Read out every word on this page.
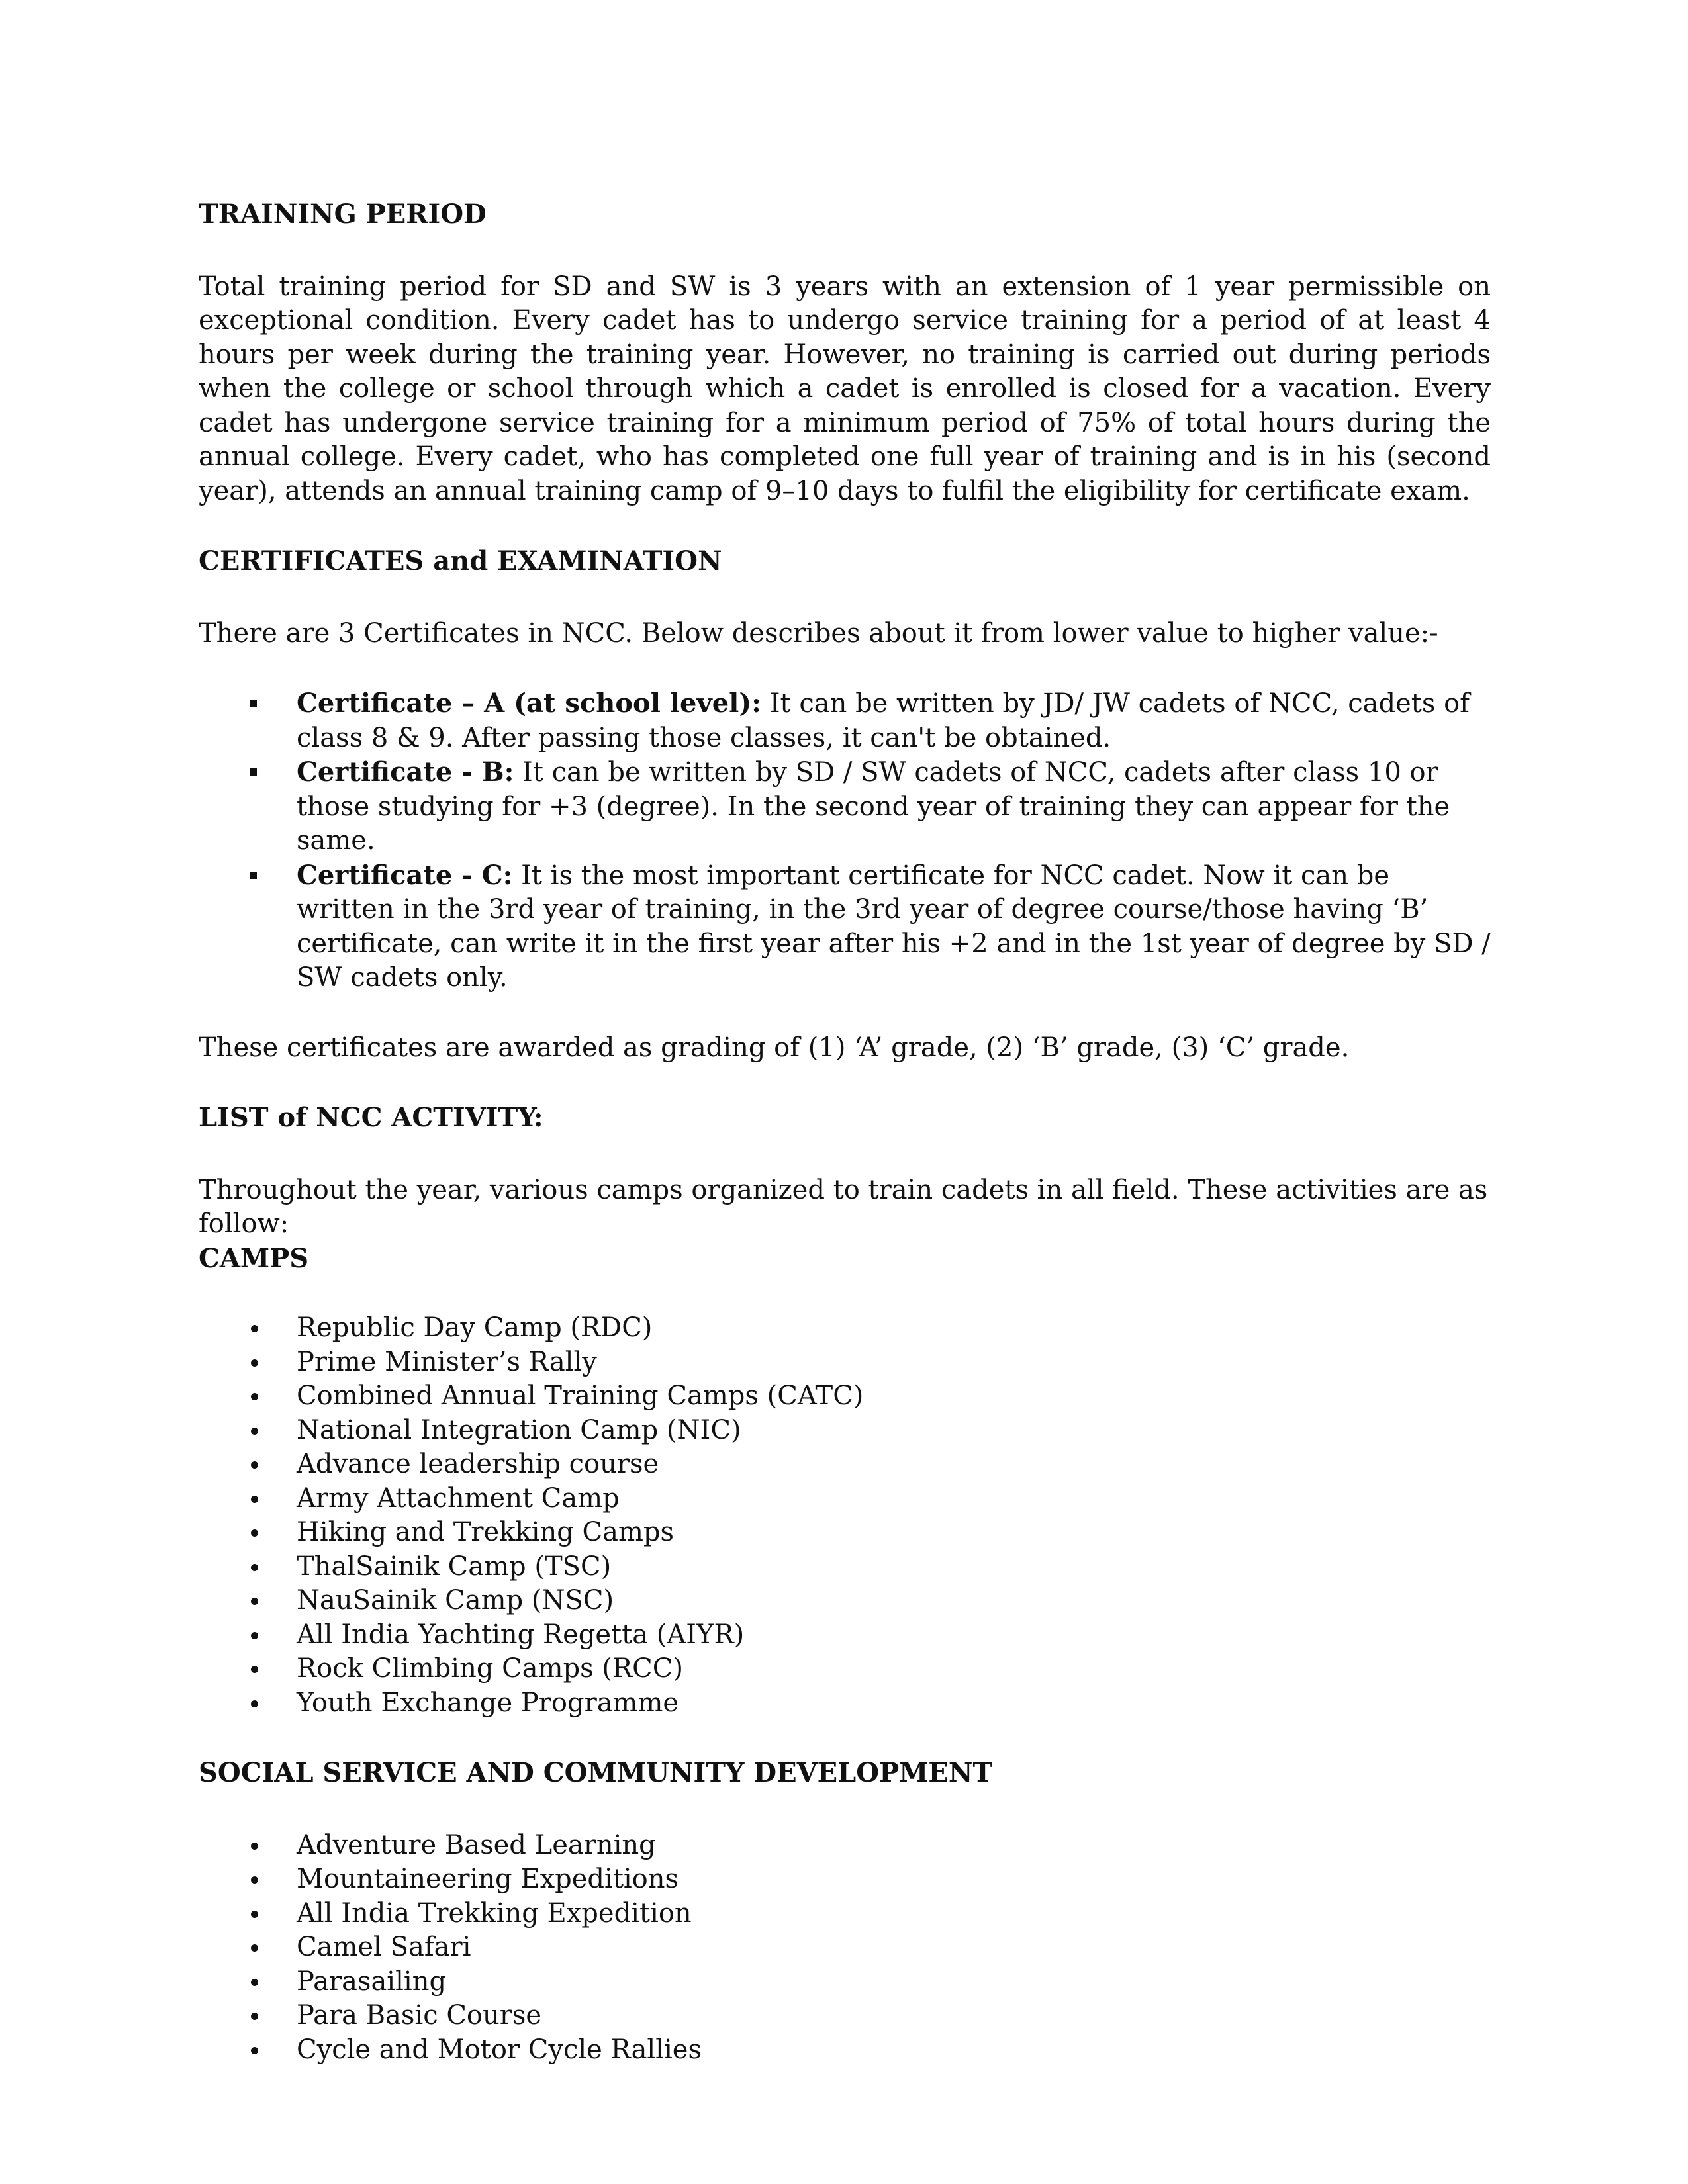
TRAINING PERIOD

Total training period for SD and SW is 3 years with an extension of 1 year permissible on exceptional condition. Every cadet has to undergo service training for a period of at least 4 hours per week during the training year. However, no training is carried out during periods when the college or school through which a cadet is enrolled is closed for a vacation. Every cadet has undergone service training for a minimum period of 75% of total hours during the annual college. Every cadet, who has completed one full year of training and is in his (second year), attends an annual training camp of 9–10 days to fulfil the eligibility for certificate exam.

CERTIFICATES and EXAMINATION

There are 3 Certificates in NCC. Below describes about it from lower value to higher value:-

Certificate – A (at school level): It can be written by JD/ JW cadets of NCC, cadets of class 8 & 9. After passing those classes, it can't be obtained.
Certificate - B: It can be written by SD / SW cadets of NCC, cadets after class 10 or those studying for +3 (degree). In the second year of training they can appear for the same.
Certificate - C: It is the most important certificate for NCC cadet. Now it can be written in the 3rd year of training, in the 3rd year of degree course/those having ‘B’ certificate, can write it in the first year after his +2 and in the 1st year of degree by SD / SW cadets only.

These certificates are awarded as grading of (1) ‘A’ grade, (2) ‘B’ grade, (3) ‘C’ grade.

LIST of NCC ACTIVITY:

Throughout the year, various camps organized to train cadets in all field. These activities are as follow:

CAMPS

Republic Day Camp (RDC)
Prime Minister’s Rally
Combined Annual Training Camps (CATC)
National Integration Camp (NIC)
Advance leadership course
Army Attachment Camp
Hiking and Trekking Camps
ThalSainik Camp (TSC)
NauSainik Camp (NSC)
All India Yachting Regetta (AIYR)
Rock Climbing Camps (RCC)
Youth Exchange Programme

SOCIAL SERVICE AND COMMUNITY DEVELOPMENT

Adventure Based Learning
Mountaineering Expeditions
All India Trekking Expedition
Camel Safari
Parasailing
Para Basic Course
Cycle and Motor Cycle Rallies
